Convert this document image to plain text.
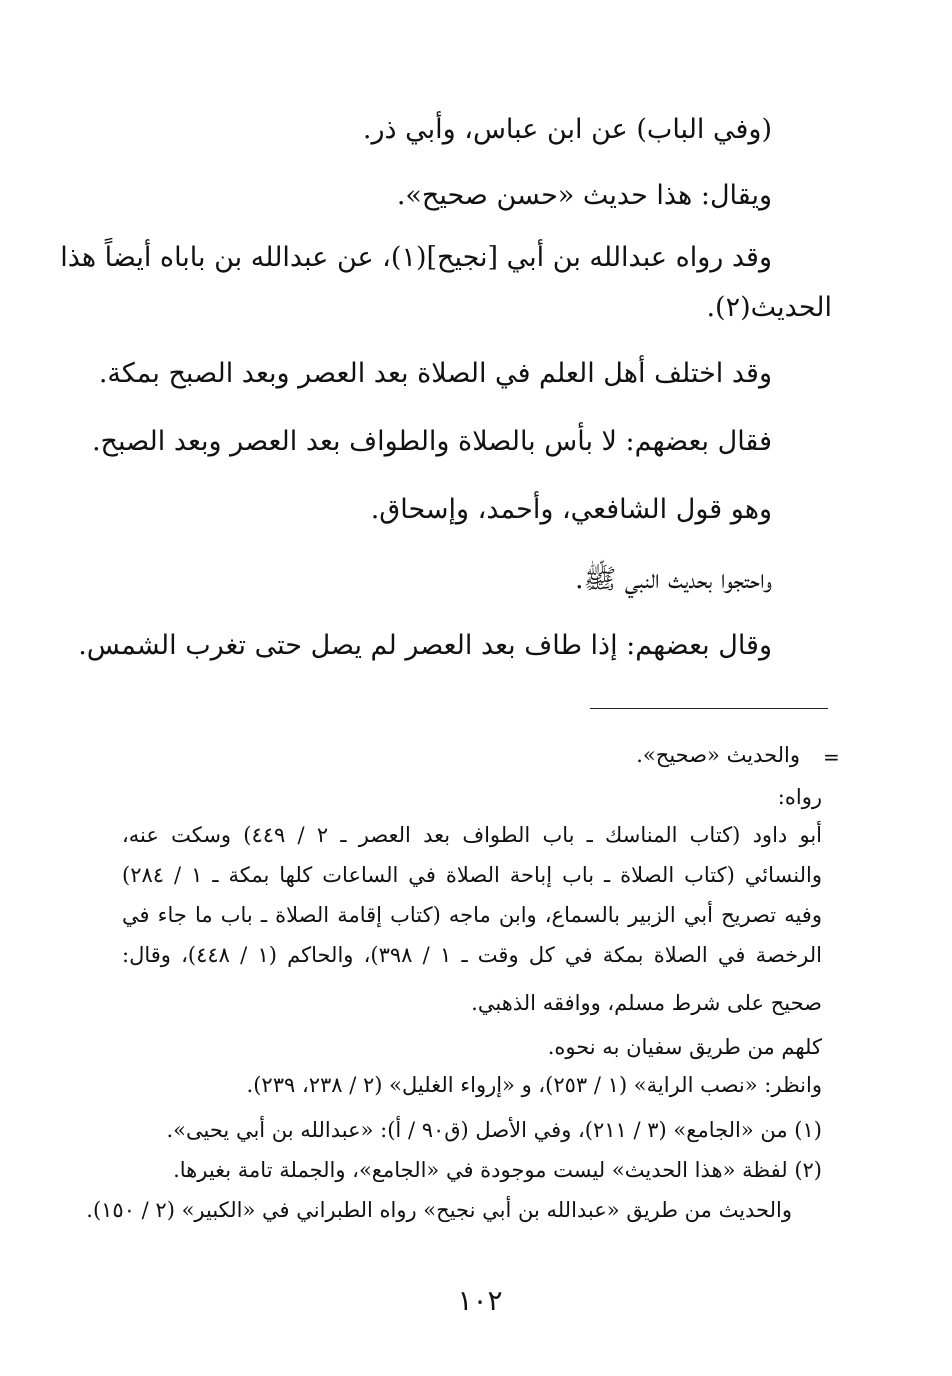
(وفي الباب) عن ابن عباس، وأبي ذر.
ويقال: هذا حديث «حسن صحيح».
وقد رواه عبدالله بن أبي [نجيح](١)، عن عبدالله بن باباه أيضاً هذا
الحديث(٢).
وقد اختلف أهل العلم في الصلاة بعد العصر وبعد الصبح بمكة.
فقال بعضهم: لا بأس بالصلاة والطواف بعد العصر وبعد الصبح.
وهو قول الشافعي، وأحمد، وإسحاق.
واحتجوا بحديث النبي ﷺ.
وقال بعضهم: إذا طاف بعد العصر لم يصل حتى تغرب الشمس.
=
والحديث «صحيح».
رواه:
أبو داود (كتاب المناسك ـ باب الطواف بعد العصر ـ ٢ / ٤٤٩) وسكت عنه،
والنسائي (كتاب الصلاة ـ باب إباحة الصلاة في الساعات كلها بمكة ـ ١ / ٢٨٤)
وفيه تصريح أبي الزبير بالسماع، وابن ماجه (كتاب إقامة الصلاة ـ باب ما جاء في
الرخصة في الصلاة بمكة في كل وقت ـ ١ / ٣٩٨)، والحاكم (١ / ٤٤٨)، وقال:
صحيح على شرط مسلم، ووافقه الذهبي.
كلهم من طريق سفيان به نحوه.
وانظر: «نصب الراية» (١ / ٢٥٣)، و «إرواء الغليل» (٢ / ٢٣٨، ٢٣٩).
(١) من «الجامع» (٣ / ٢١١)، وفي الأصل (ق٩٠ / أ): «عبدالله بن أبي يحيى».
(٢) لفظة «هذا الحديث» ليست موجودة في «الجامع»، والجملة تامة بغيرها.
والحديث من طريق «عبدالله بن أبي نجيح» رواه الطبراني في «الكبير» (٢ / ١٥٠).
١٠٢
